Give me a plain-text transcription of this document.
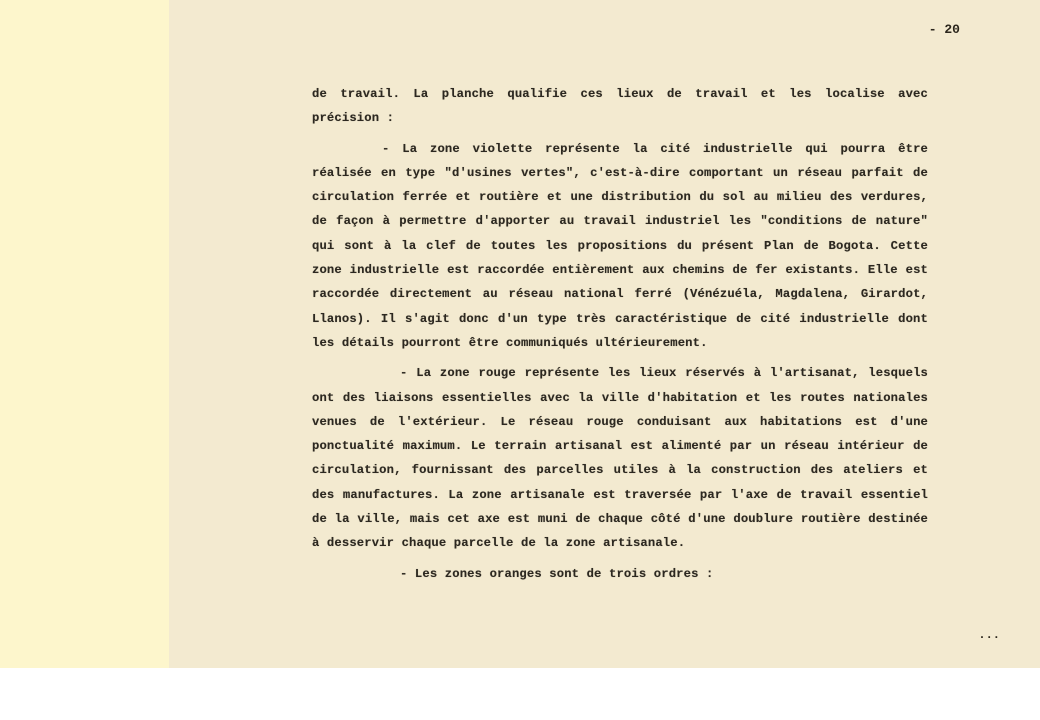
- 20

de travail. La planche qualifie ces lieux de travail et les localise avec précision :

- La zone violette représente la cité industrielle qui pourra être réalisée en type "d'usines vertes", c'est-à-dire comportant un réseau parfait de circulation ferrée et routière et une distribution du sol au milieu des verdures, de façon à permettre d'apporter au travail industriel les "conditions de nature" qui sont à la clef de toutes les propositions du présent Plan de Bogota. Cette zone industrielle est raccordée entièrement aux chemins de fer existants. Elle est raccordée directement au réseau national ferré (Vénézuéla, Magdalena, Girardot, Llanos). Il s'agit donc d'un type très caractéristique de cité industrielle dont les détails pourront être communiqués ultérieurement.

- La zone rouge représente les lieux réservés à l'artisanat, lesquels ont des liaisons essentielles avec la ville d'habitation et les routes nationales venues de l'extérieur. Le réseau rouge conduisant aux habitations est d'une ponctualité maximum. Le terrain artisanal est alimenté par un réseau intérieur de circulation, fournissant des parcelles utiles à la construction des ateliers et des manufactures. La zone artisanale est traversée par l'axe de travail essentiel de la ville, mais cet axe est muni de chaque côté d'une doublure routière destinée à desservir chaque parcelle de la zone artisanale.

- Les zones oranges sont de trois ordres :

...
